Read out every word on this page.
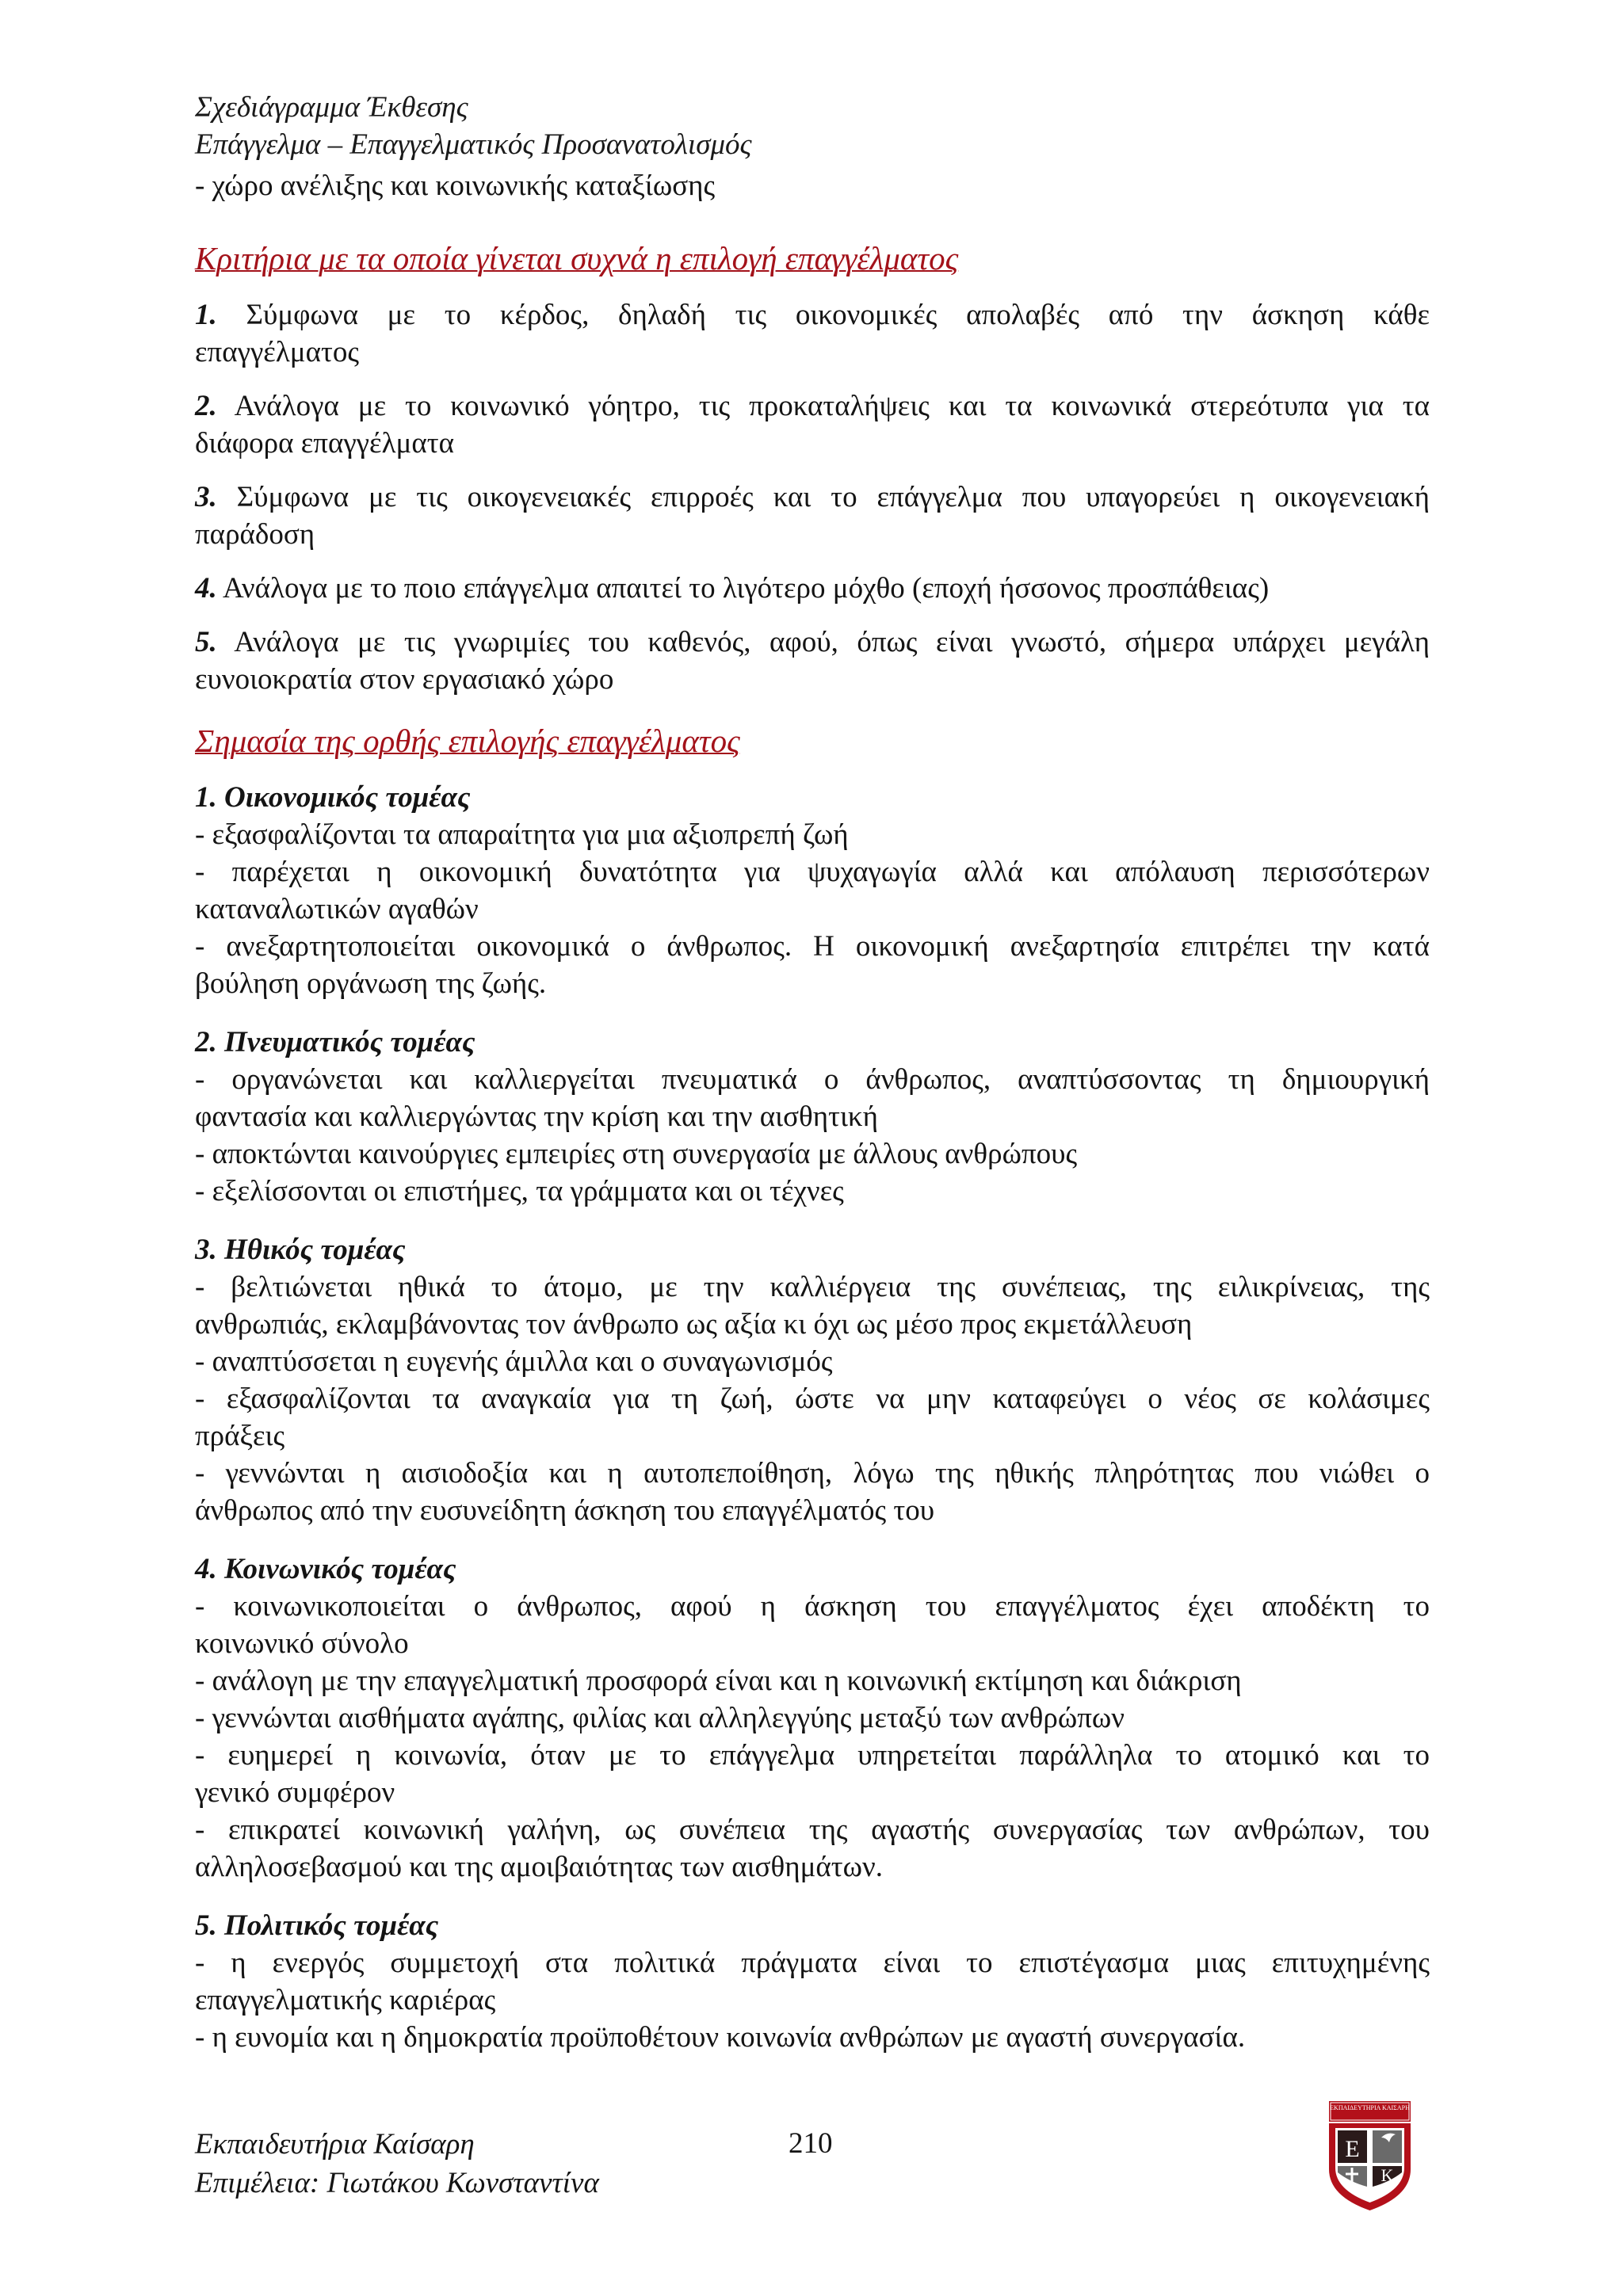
Σχεδιάγραμμα Έκθεσης
Επάγγελμα – Επαγγελματικός Προσανατολισμός

- χώρο ανέλιξης και κοινωνικής καταξίωσης

Κριτήρια με τα οποία γίνεται συχνά η επιλογή επαγγέλματος

1. Σύμφωνα με το κέρδος, δηλαδή τις οικονομικές απολαβές από την άσκηση κάθε

επαγγέλματος

2. Ανάλογα με το κοινωνικό γόητρο, τις προκαταλήψεις και τα κοινωνικά στερεότυπα για τα

διάφορα επαγγέλματα

3. Σύμφωνα με τις οικογενειακές επιρροές και το επάγγελμα που υπαγορεύει η οικογενειακή

παράδοση

4. Ανάλογα με το ποιο επάγγελμα απαιτεί το λιγότερο μόχθο (εποχή ήσσονος προσπάθειας)

5. Ανάλογα με τις γνωριμίες του καθενός, αφού, όπως είναι γνωστό, σήμερα υπάρχει μεγάλη

ευνοιοκρατία στον εργασιακό χώρο

Σημασία της ορθής επιλογής επαγγέλματος

1. Οικονομικός τομέας

- εξασφαλίζονται τα απαραίτητα για μια αξιοπρεπή ζωή

- παρέχεται η οικονομική δυνατότητα για ψυχαγωγία αλλά και απόλαυση περισσότερων

καταναλωτικών αγαθών

- ανεξαρτητοποιείται οικονομικά ο άνθρωπος. Η οικονομική ανεξαρτησία επιτρέπει την κατά

βούληση οργάνωση της ζωής.

2. Πνευματικός τομέας

- οργανώνεται και καλλιεργείται πνευματικά ο άνθρωπος, αναπτύσσοντας τη δημιουργική

φαντασία και καλλιεργώντας την κρίση και την αισθητική

- αποκτώνται καινούργιες εμπειρίες στη συνεργασία με άλλους ανθρώπους

- εξελίσσονται οι επιστήμες, τα γράμματα και οι τέχνες

3. Ηθικός τομέας

- βελτιώνεται ηθικά το άτομο, με την καλλιέργεια της συνέπειας, της ειλικρίνειας, της

ανθρωπιάς, εκλαμβάνοντας τον άνθρωπο ως αξία κι όχι ως μέσο προς εκμετάλλευση

- αναπτύσσεται η ευγενής άμιλλα και ο συναγωνισμός

- εξασφαλίζονται τα αναγκαία για τη ζωή, ώστε να μην καταφεύγει ο νέος σε κολάσιμες

πράξεις

- γεννώνται η αισιοδοξία και η αυτοπεποίθηση, λόγω της ηθικής πληρότητας που νιώθει ο

άνθρωπος από την ευσυνείδητη άσκηση του επαγγέλματός του

4. Κοινωνικός τομέας

- κοινωνικοποιείται ο άνθρωπος, αφού η άσκηση του επαγγέλματος έχει αποδέκτη το

κοινωνικό σύνολο

- ανάλογη με την επαγγελματική προσφορά είναι και η κοινωνική εκτίμηση και διάκριση

- γεννώνται αισθήματα αγάπης, φιλίας και αλληλεγγύης μεταξύ των ανθρώπων

- ευημερεί η κοινωνία, όταν με το επάγγελμα υπηρετείται παράλληλα το ατομικό και το

γενικό συμφέρον

- επικρατεί κοινωνική γαλήνη, ως συνέπεια της αγαστής συνεργασίας των ανθρώπων, του

αλληλοσεβασμού και της αμοιβαιότητας των αισθημάτων.

5. Πολιτικός τομέας

- η ενεργός συμμετοχή στα πολιτικά πράγματα είναι το επιστέγασμα μιας επιτυχημένης

επαγγελματικής καριέρας

- η ευνομία και η δημοκρατία προϋποθέτουν κοινωνία ανθρώπων με αγαστή συνεργασία.

Εκπαιδευτήρια Καίσαρη
Επιμέλεια: Γιωτάκου Κωνσταντίνα
210
ΕΚΠΑΙΔΕΥΤΗΡΙΑ ΚΑΙΣΑΡΗ
Ε
Κ
